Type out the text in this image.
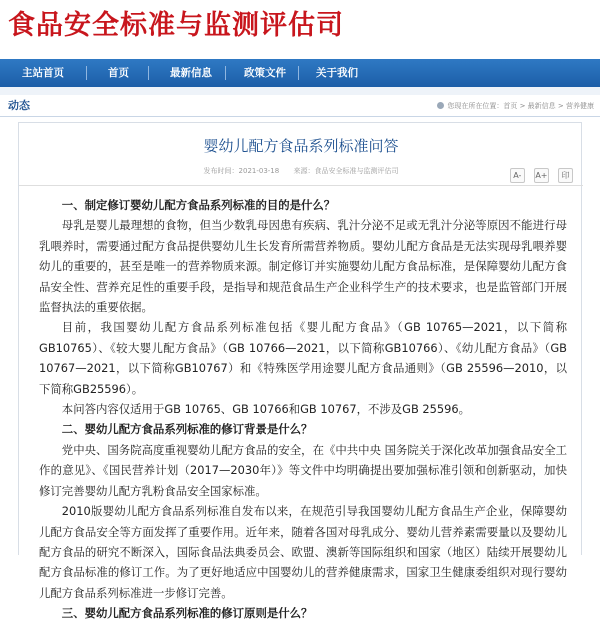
食品安全标准与监测评估司
主站首页	首页	最新信息	政策文件	关于我们
动态	您现在所在位置：首页 > 最新信息 > 营养健康
婴幼儿配方食品系列标准问答
发布时间：2021-03-18 来源：食品安全标准与监测评估司	A- A+ 印

一、制定修订婴幼儿配方食品系列标准的目的是什么？

母乳是婴儿最理想的食物，但当少数乳母因患有疾病、乳汁分泌不足或无乳汁分泌等原因不能进行母乳喂养时，需要通过配方食品提供婴幼儿生长发育所需营养物质。婴幼儿配方食品是无法实现母乳喂养婴幼儿的重要的，甚至是唯一的营养物质来源。制定修订并实施婴幼儿配方食品标准，是保障婴幼儿配方食品安全性、营养充足性的重要手段，是指导和规范食品生产企业科学生产的技术要求，也是监管部门开展监督执法的重要依据。

目前，我国婴幼儿配方食品系列标准包括《婴儿配方食品》（GB 10765—2021，以下简称GB10765）、《较大婴儿配方食品》（GB 10766—2021，以下简称GB10766）、《幼儿配方食品》（GB 10767—2021，以下简称GB10767）和《特殊医学用途婴儿配方食品通则》（GB 25596—2010，以下简称GB25596）。

本问答内容仅适用于GB 10765、GB 10766和GB 10767，不涉及GB 25596。

二、婴幼儿配方食品系列标准的修订背景是什么？

党中央、国务院高度重视婴幼儿配方食品的安全，在《中共中央 国务院关于深化改革加强食品安全工作的意见》、《国民营养计划（2017—2030年）》等文件中均明确提出要加强标准引领和创新驱动，加快修订完善婴幼儿配方乳粉食品安全国家标准。

2010版婴幼儿配方食品系列标准自发布以来，在规范引导我国婴幼儿配方食品生产企业，保障婴幼儿配方食品安全等方面发挥了重要作用。近年来，随着各国对母乳成分、婴幼儿营养素需要量以及婴幼儿配方食品的研究不断深入，国际食品法典委员会、欧盟、澳新等国际组织和国家（地区）陆续开展婴幼儿配方食品标准的修订工作。为了更好地适应中国婴幼儿的营养健康需求，国家卫生健康委组织对现行婴幼儿配方食品系列标准进一步修订完善。

三、婴幼儿配方食品系列标准的修订原则是什么？
